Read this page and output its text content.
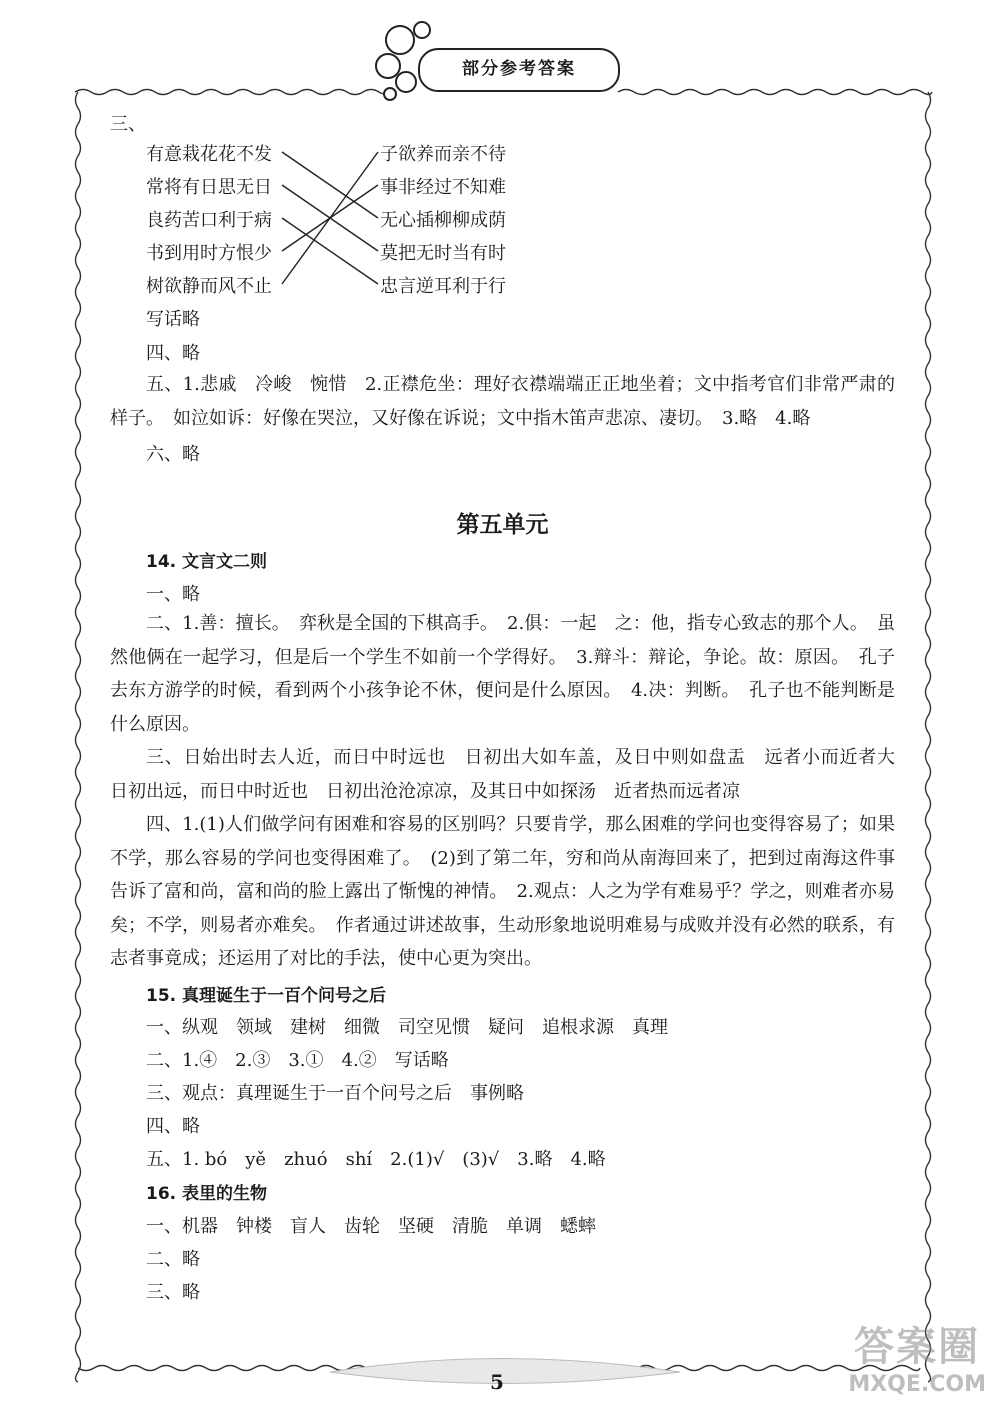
部分参考答案
三、
有意栽花花不发
常将有日思无日
良药苦口利于病
书到用时方恨少
树欲静而风不止
子欲养而亲不待
事非经过不知难
无心插柳柳成荫
莫把无时当有时
忠言逆耳利于行
写话略
四、略
五、1.悲戚　冷峻　惋惜　2.正襟危坐：理好衣襟端端正正地坐着；文中指考官们非常严肃的样子。　如泣如诉：好像在哭泣，又好像在诉说；文中指木笛声悲凉、凄切。　3.略　4.略
六、略
第五单元
14. 文言文二则
一、略
二、1.善：擅长。　弈秋是全国的下棋高手。　2.俱：一起　之：他，指专心致志的那个人。　虽然他俩在一起学习，但是后一个学生不如前一个学得好。　3.辩斗：辩论，争论。故：原因。　孔子去东方游学的时候，看到两个小孩争论不休，便问是什么原因。　4.决：判断。　孔子也不能判断是什么原因。
三、日始出时去人近，而日中时远也　日初出大如车盖，及日中则如盘盂　远者小而近者大　日初出远，而日中时近也　日初出沧沧凉凉，及其日中如探汤　近者热而远者凉
四、1.(1)人们做学问有困难和容易的区别吗？只要肯学，那么困难的学问也变得容易了；如果不学，那么容易的学问也变得困难了。　(2)到了第二年，穷和尚从南海回来了，把到过南海这件事告诉了富和尚，富和尚的脸上露出了惭愧的神情。　2.观点：人之为学有难易乎？学之，则难者亦易矣；不学，则易者亦难矣。　作者通过讲述故事，生动形象地说明难易与成败并没有必然的联系，有志者事竟成；还运用了对比的手法，使中心更为突出。
15. 真理诞生于一百个问号之后
一、纵观　领域　建树　细微　司空见惯　疑问　追根求源　真理
二、1.④　2.③　3.①　4.②　写话略
三、观点：真理诞生于一百个问号之后　事例略
四、略
五、1. bó　yě　zhuó　shí　2.(1)√　(3)√　3.略　4.略
16. 表里的生物
一、机器　钟楼　盲人　齿轮　坚硬　清脆　单调　蟋蟀
二、略
三、略
5
答案圈
MXQE.COM
